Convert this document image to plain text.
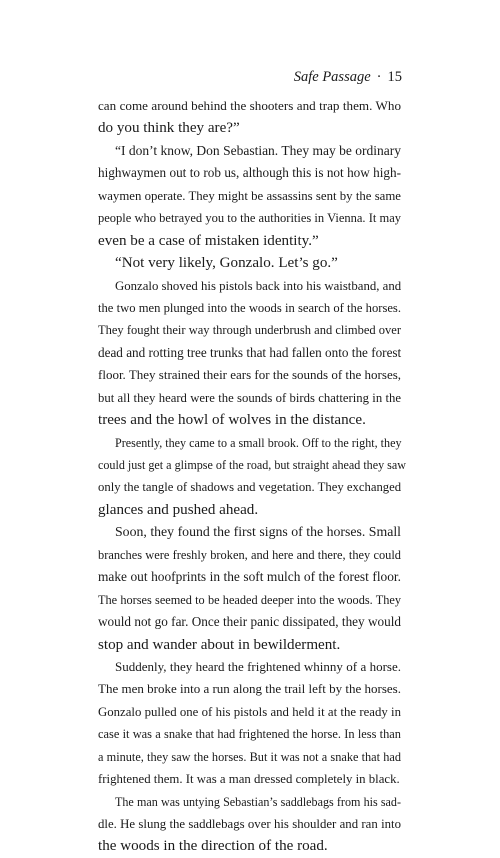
Safe Passage · 15
can come around behind the shooters and trap them. Who
do you think they are?”
“I don’t know, Don Sebastian. They may be ordinary
highwaymen out to rob us, although this is not how high-
waymen operate. They might be assassins sent by the same
people who betrayed you to the authorities in Vienna. It may
even be a case of mistaken identity.”
“Not very likely, Gonzalo. Let’s go.”
Gonzalo shoved his pistols back into his waistband, and
the two men plunged into the woods in search of the horses.
They fought their way through underbrush and climbed over
dead and rotting tree trunks that had fallen onto the forest
floor. They strained their ears for the sounds of the horses,
but all they heard were the sounds of birds chattering in the
trees and the howl of wolves in the distance.
Presently, they came to a small brook. Off to the right, they
could just get a glimpse of the road, but straight ahead they saw
only the tangle of shadows and vegetation. They exchanged
glances and pushed ahead.
Soon, they found the first signs of the horses. Small
branches were freshly broken, and here and there, they could
make out hoofprints in the soft mulch of the forest floor.
The horses seemed to be headed deeper into the woods. They
would not go far. Once their panic dissipated, they would
stop and wander about in bewilderment.
Suddenly, they heard the frightened whinny of a horse.
The men broke into a run along the trail left by the horses.
Gonzalo pulled one of his pistols and held it at the ready in
case it was a snake that had frightened the horse. In less than
a minute, they saw the horses. But it was not a snake that had
frightened them. It was a man dressed completely in black.
The man was untying Sebastian’s saddlebags from his sad-
dle. He slung the saddlebags over his shoulder and ran into
the woods in the direction of the road.
